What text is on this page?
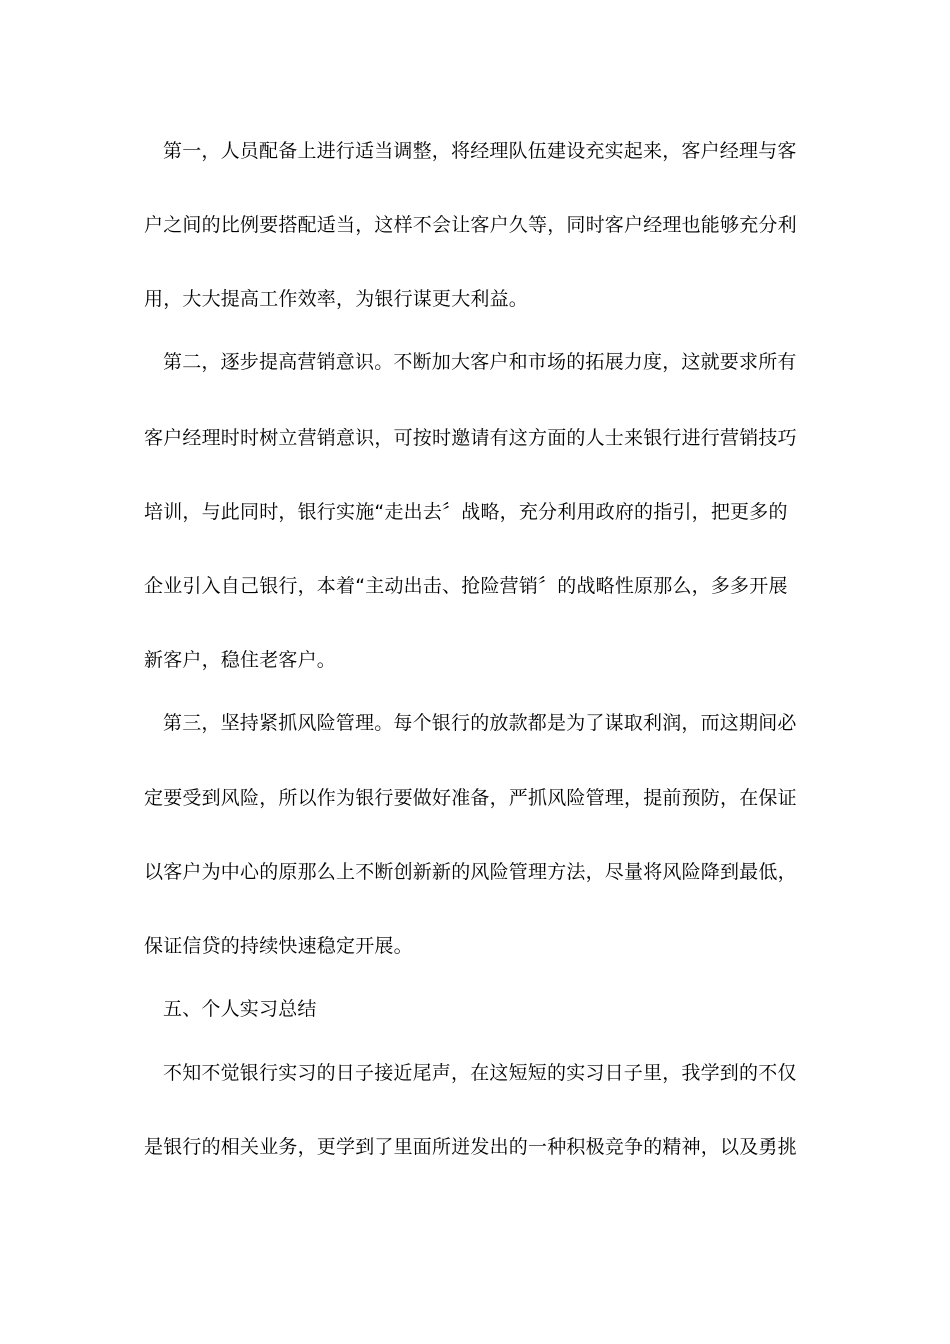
第一，人员配备上进行适当调整，将经理队伍建设充实起来，客户经理与客
户之间的比例要搭配适当，这样不会让客户久等，同时客户经理也能够充分利
用，大大提高工作效率，为银行谋更大利益。
第二，逐步提高营销意识。不断加大客户和市场的拓展力度，这就要求所有
客户经理时时树立营销意识，可按时邀请有这方面的人士来银行进行营销技巧
培训，与此同时，银行实施“走出去〞战略，充分利用政府的指引，把更多的
企业引入自己银行，本着“主动出击、抢险营销〞的战略性原那么，多多开展
新客户，稳住老客户。
第三，坚持紧抓风险管理。每个银行的放款都是为了谋取利润，而这期间必
定要受到风险，所以作为银行要做好准备，严抓风险管理，提前预防，在保证
以客户为中心的原那么上不断创新新的风险管理方法，尽量将风险降到最低，
保证信贷的持续快速稳定开展。
五、个人实习总结
不知不觉银行实习的日子接近尾声，在这短短的实习日子里，我学到的不仅
是银行的相关业务，更学到了里面所迸发出的一种积极竞争的精神，以及勇挑
